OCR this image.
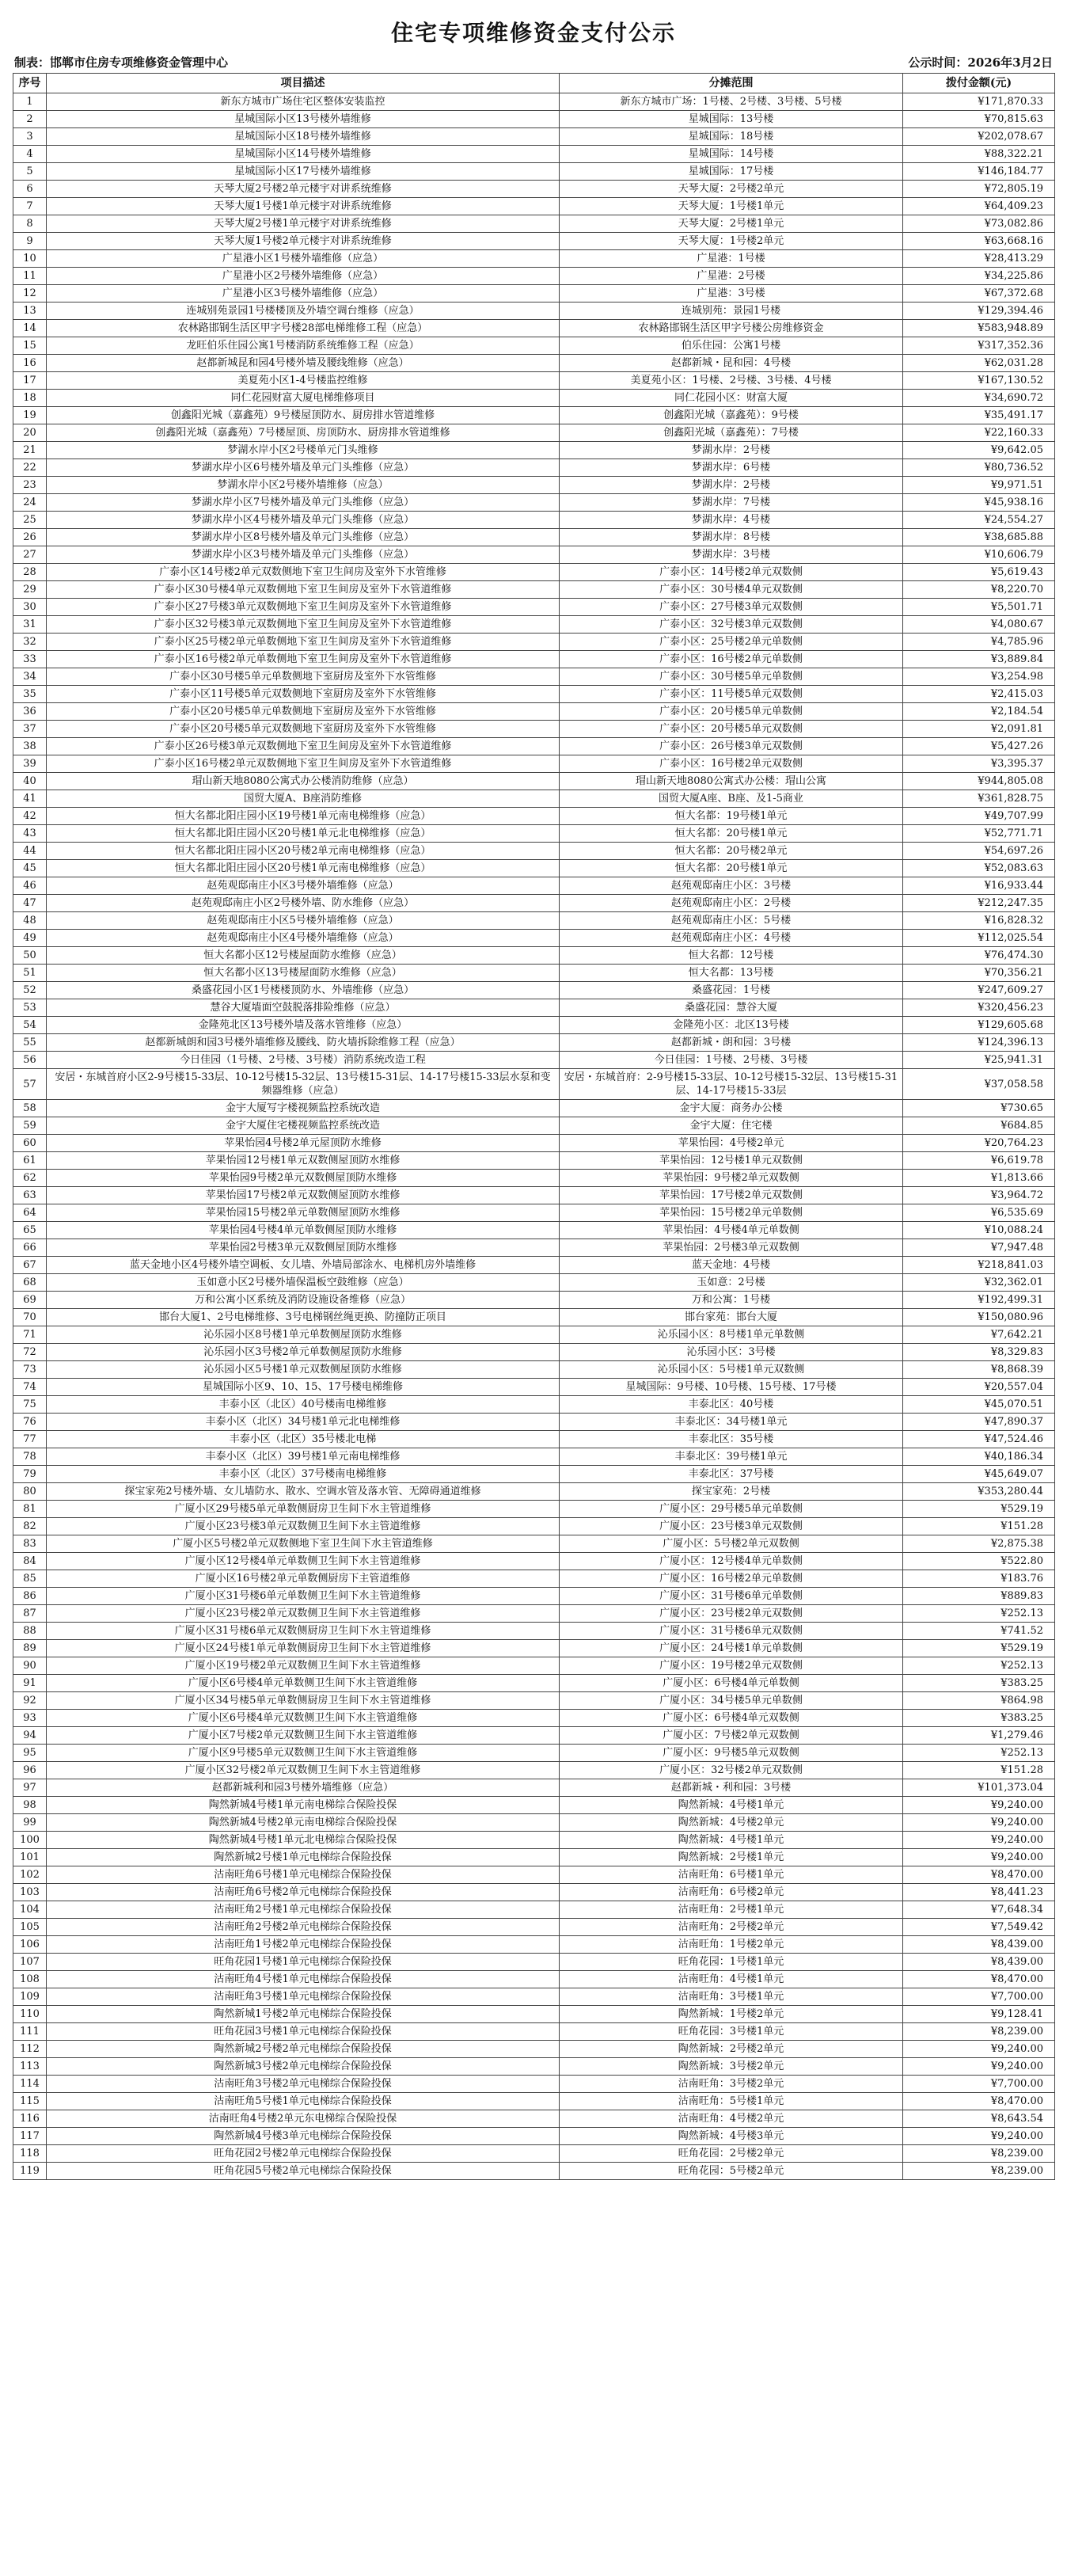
住宅专项维修资金支付公示
制表：邯郸市住房专项维修资金管理中心	公示时间：2026年3月2日
序号	项目描述	分摊范围	拨付金额(元)
1	新东方城市广场住宅区整体安装监控	新东方城市广场：1号楼、2号楼、3号楼、5号楼	¥171,870.33
2	星城国际小区13号楼外墙维修	星城国际：13号楼	¥70,815.63
3	星城国际小区18号楼外墙维修	星城国际：18号楼	¥202,078.67
4	星城国际小区14号楼外墙维修	星城国际：14号楼	¥88,322.21
5	星城国际小区17号楼外墙维修	星城国际：17号楼	¥146,184.77
6	天琴大厦2号楼2单元楼宇对讲系统维修	天琴大厦：2号楼2单元	¥72,805.19
7	天琴大厦1号楼1单元楼宇对讲系统维修	天琴大厦：1号楼1单元	¥64,409.23
8	天琴大厦2号楼1单元楼宇对讲系统维修	天琴大厦：2号楼1单元	¥73,082.86
9	天琴大厦1号楼2单元楼宇对讲系统维修	天琴大厦：1号楼2单元	¥63,668.16
10	广星港小区1号楼外墙维修（应急）	广星港：1号楼	¥28,413.29
11	广星港小区2号楼外墙维修（应急）	广星港：2号楼	¥34,225.86
12	广星港小区3号楼外墙维修（应急）	广星港：3号楼	¥67,372.68
13	连城别苑景园1号楼楼顶及外墙空调台维修（应急）	连城别苑：景园1号楼	¥129,394.46
14	农林路邯钢生活区甲字号楼28部电梯维修工程（应急）	农林路邯钢生活区甲字号楼公房维修资金	¥583,948.89
15	龙旺伯乐住园公寓1号楼消防系统维修工程（应急）	伯乐住园：公寓1号楼	¥317,352.36
16	赵都新城昆和园4号楼外墙及腰线维修（应急）	赵都新城・昆和园：4号楼	¥62,031.28
17	美夏苑小区1-4号楼监控维修	美夏苑小区：1号楼、2号楼、3号楼、4号楼	¥167,130.52
18	同仁花园财富大厦电梯维修项目	同仁花园小区：财富大厦	¥34,690.72
19	创鑫阳光城（嘉鑫苑）9号楼屋顶防水、厨房排水管道维修	创鑫阳光城（嘉鑫苑）：9号楼	¥35,491.17
20	创鑫阳光城（嘉鑫苑）7号楼屋顶、房顶防水、厨房排水管道维修	创鑫阳光城（嘉鑫苑）：7号楼	¥22,160.33
21	梦湖水岸小区2号楼单元门头维修	梦湖水岸：2号楼	¥9,642.05
22	梦湖水岸小区6号楼外墙及单元门头维修（应急）	梦湖水岸：6号楼	¥80,736.52
23	梦湖水岸小区2号楼外墙维修（应急）	梦湖水岸：2号楼	¥9,971.51
24	梦湖水岸小区7号楼外墙及单元门头维修（应急）	梦湖水岸：7号楼	¥45,938.16
25	梦湖水岸小区4号楼外墙及单元门头维修（应急）	梦湖水岸：4号楼	¥24,554.27
26	梦湖水岸小区8号楼外墙及单元门头维修（应急）	梦湖水岸：8号楼	¥38,685.88
27	梦湖水岸小区3号楼外墙及单元门头维修（应急）	梦湖水岸：3号楼	¥10,606.79
28	广泰小区14号楼2单元双数侧地下室卫生间房及室外下水管维修	广泰小区：14号楼2单元双数侧	¥5,619.43
29	广泰小区30号楼4单元双数侧地下室卫生间房及室外下水管道维修	广泰小区：30号楼4单元双数侧	¥8,220.70
30	广泰小区27号楼3单元双数侧地下室卫生间房及室外下水管道维修	广泰小区：27号楼3单元双数侧	¥5,501.71
31	广泰小区32号楼3单元双数侧地下室卫生间房及室外下水管道维修	广泰小区：32号楼3单元双数侧	¥4,080.67
32	广泰小区25号楼2单元单数侧地下室卫生间房及室外下水管道维修	广泰小区：25号楼2单元单数侧	¥4,785.96
33	广泰小区16号楼2单元单数侧地下室卫生间房及室外下水管道维修	广泰小区：16号楼2单元单数侧	¥3,889.84
34	广泰小区30号楼5单元单数侧地下室厨房及室外下水管维修	广泰小区：30号楼5单元单数侧	¥3,254.98
35	广泰小区11号楼5单元双数侧地下室厨房及室外下水管维修	广泰小区：11号楼5单元双数侧	¥2,415.03
36	广泰小区20号楼5单元单数侧地下室厨房及室外下水管维修	广泰小区：20号楼5单元单数侧	¥2,184.54
37	广泰小区20号楼5单元双数侧地下室厨房及室外下水管维修	广泰小区：20号楼5单元双数侧	¥2,091.81
38	广泰小区26号楼3单元双数侧地下室卫生间房及室外下水管道维修	广泰小区：26号楼3单元双数侧	¥5,427.26
39	广泰小区16号楼2单元双数侧地下室卫生间房及室外下水管道维修	广泰小区：16号楼2单元双数侧	¥3,395.37
40	瑁山新天地8080公寓式办公楼消防维修（应急）	瑁山新天地8080公寓式办公楼：瑁山公寓	¥944,805.08
41	国贸大厦A、B座消防维修	国贸大厦A座、B座、及1-5商业	¥361,828.75
42	恒大名都北阳庄园小区19号楼1单元南电梯维修（应急）	恒大名都：19号楼1单元	¥49,707.99
43	恒大名都北阳庄园小区20号楼1单元北电梯维修（应急）	恒大名都：20号楼1单元	¥52,771.71
44	恒大名都北阳庄园小区20号楼2单元南电梯维修（应急）	恒大名都：20号楼2单元	¥54,697.26
45	恒大名都北阳庄园小区20号楼1单元南电梯维修（应急）	恒大名都：20号楼1单元	¥52,083.63
46	赵苑观邸南庄小区3号楼外墙维修（应急）	赵苑观邸南庄小区：3号楼	¥16,933.44
47	赵苑观邸南庄小区2号楼外墙、防水维修（应急）	赵苑观邸南庄小区：2号楼	¥212,247.35
48	赵苑观邸南庄小区5号楼外墙维修（应急）	赵苑观邸南庄小区：5号楼	¥16,828.32
49	赵苑观邸南庄小区4号楼外墙维修（应急）	赵苑观邸南庄小区：4号楼	¥112,025.54
50	恒大名都小区12号楼屋面防水维修（应急）	恒大名都：12号楼	¥76,474.30
51	恒大名都小区13号楼屋面防水维修（应急）	恒大名都：13号楼	¥70,356.21
52	桑盛花园小区1号楼楼顶防水、外墙维修（应急）	桑盛花园：1号楼	¥247,609.27
53	慧谷大厦墙面空鼓脱落排险维修（应急）	桑盛花园：慧谷大厦	¥320,456.23
54	金隆苑北区13号楼外墙及落水管维修（应急）	金隆苑小区：北区13号楼	¥129,605.68
55	赵都新城朗和园3号楼外墙维修及腰线、防火墙拆除维修工程（应急）	赵都新城・朗和园：3号楼	¥124,396.13
56	今日佳园（1号楼、2号楼、3号楼）消防系统改造工程	今日佳园：1号楼、2号楼、3号楼	¥25,941.31
57	安居・东城首府小区2-9号楼15-33层、10-12号楼15-32层、13号楼15-31层、14-17号楼15-33层水泵和变频器维修（应急）	安居・东城首府：2-9号楼15-33层、10-12号楼15-32层、13号楼15-31层、14-17号楼15-33层	¥37,058.58
58	金宇大厦写字楼视频监控系统改造	金宇大厦：商务办公楼	¥730.65
59	金宇大厦住宅楼视频监控系统改造	金宇大厦：住宅楼	¥684.85
60	苹果怡园4号楼2单元屋顶防水维修	苹果怡园：4号楼2单元	¥20,764.23
61	苹果怡园12号楼1单元双数侧屋顶防水维修	苹果怡园：12号楼1单元双数侧	¥6,619.78
62	苹果怡园9号楼2单元双数侧屋顶防水维修	苹果怡园：9号楼2单元双数侧	¥1,813.66
63	苹果怡园17号楼2单元双数侧屋顶防水维修	苹果怡园：17号楼2单元双数侧	¥3,964.72
64	苹果怡园15号楼2单元单数侧屋顶防水维修	苹果怡园：15号楼2单元单数侧	¥6,535.69
65	苹果怡园4号楼4单元单数侧屋顶防水维修	苹果怡园：4号楼4单元单数侧	¥10,088.24
66	苹果怡园2号楼3单元双数侧屋顶防水维修	苹果怡园：2号楼3单元双数侧	¥7,947.48
67	蓝天金地小区4号楼外墙空调板、女儿墙、外墙局部涂水、电梯机房外墙维修	蓝天金地：4号楼	¥218,841.03
68	玉如意小区2号楼外墙保温板空鼓维修（应急）	玉如意：2号楼	¥32,362.01
69	万和公寓小区系统及消防设施设备维修（应急）	万和公寓：1号楼	¥192,499.31
70	邯台大厦1、2号电梯维修、3号电梯钢丝绳更换、防撞防正项目	邯台家苑：邯台大厦	¥150,080.96
71	沁乐园小区8号楼1单元单数侧屋顶防水维修	沁乐园小区：8号楼1单元单数侧	¥7,642.21
72	沁乐园小区3号楼2单元单数侧屋顶防水维修	沁乐园小区：3号楼	¥8,329.83
73	沁乐园小区5号楼1单元双数侧屋顶防水维修	沁乐园小区：5号楼1单元双数侧	¥8,868.39
74	星城国际小区9、10、15、17号楼电梯维修	星城国际：9号楼、10号楼、15号楼、17号楼	¥20,557.04
75	丰泰小区（北区）40号楼南电梯维修	丰泰北区：40号楼	¥45,070.51
76	丰泰小区（北区）34号楼1单元北电梯维修	丰泰北区：34号楼1单元	¥47,890.37
77	丰泰小区（北区）35号楼北电梯	丰泰北区：35号楼	¥47,524.46
78	丰泰小区（北区）39号楼1单元南电梯维修	丰泰北区：39号楼1单元	¥40,186.34
79	丰泰小区（北区）37号楼南电梯维修	丰泰北区：37号楼	¥45,649.07
80	探宝家苑2号楼外墙、女儿墙防水、散水、空调水管及落水管、无障碍通道维修	探宝家苑：2号楼	¥353,280.44
81	广厦小区29号楼5单元单数侧厨房卫生间下水主管道维修	广厦小区：29号楼5单元单数侧	¥529.19
82	广厦小区23号楼3单元双数侧卫生间下水主管道维修	广厦小区：23号楼3单元双数侧	¥151.28
83	广厦小区5号楼2单元双数侧地下室卫生间下水主管道维修	广厦小区：5号楼2单元双数侧	¥2,875.38
84	广厦小区12号楼4单元单数侧卫生间下水主管道维修	广厦小区：12号楼4单元单数侧	¥522.80
85	广厦小区16号楼2单元单数侧厨房下主管道维修	广厦小区：16号楼2单元单数侧	¥183.76
86	广厦小区31号楼6单元单数侧卫生间下水主管道维修	广厦小区：31号楼6单元单数侧	¥889.83
87	广厦小区23号楼2单元双数侧卫生间下水主管道维修	广厦小区：23号楼2单元双数侧	¥252.13
88	广厦小区31号楼6单元双数侧厨房卫生间下水主管道维修	广厦小区：31号楼6单元双数侧	¥741.52
89	广厦小区24号楼1单元单数侧厨房卫生间下水主管道维修	广厦小区：24号楼1单元单数侧	¥529.19
90	广厦小区19号楼2单元双数侧卫生间下水主管道维修	广厦小区：19号楼2单元双数侧	¥252.13
91	广厦小区6号楼4单元单数侧卫生间下水主管道维修	广厦小区：6号楼4单元单数侧	¥383.25
92	广厦小区34号楼5单元单数侧厨房卫生间下水主管道维修	广厦小区：34号楼5单元单数侧	¥864.98
93	广厦小区6号楼4单元双数侧卫生间下水主管道维修	广厦小区：6号楼4单元双数侧	¥383.25
94	广厦小区7号楼2单元双数侧卫生间下水主管道维修	广厦小区：7号楼2单元双数侧	¥1,279.46
95	广厦小区9号楼5单元双数侧卫生间下水主管道维修	广厦小区：9号楼5单元双数侧	¥252.13
96	广厦小区32号楼2单元双数侧卫生间下水主管道维修	广厦小区：32号楼2单元双数侧	¥151.28
97	赵都新城利和园3号楼外墙维修（应急）	赵都新城・利和园：3号楼	¥101,373.04
98	陶然新城4号楼1单元南电梯综合保险投保	陶然新城：4号楼1单元	¥9,240.00
99	陶然新城4号楼2单元南电梯综合保险投保	陶然新城：4号楼2单元	¥9,240.00
100	陶然新城4号楼1单元北电梯综合保险投保	陶然新城：4号楼1单元	¥9,240.00
101	陶然新城2号楼1单元电梯综合保险投保	陶然新城：2号楼1单元	¥9,240.00
102	沽南旺角6号楼1单元电梯综合保险投保	沽南旺角：6号楼1单元	¥8,470.00
103	沽南旺角6号楼2单元电梯综合保险投保	沽南旺角：6号楼2单元	¥8,441.23
104	沽南旺角2号楼1单元电梯综合保险投保	沽南旺角：2号楼1单元	¥7,648.34
105	沽南旺角2号楼2单元电梯综合保险投保	沽南旺角：2号楼2单元	¥7,549.42
106	沽南旺角1号楼2单元电梯综合保险投保	沽南旺角：1号楼2单元	¥8,439.00
107	旺角花园1号楼1单元电梯综合保险投保	旺角花园：1号楼1单元	¥8,439.00
108	沽南旺角4号楼1单元电梯综合保险投保	沽南旺角：4号楼1单元	¥8,470.00
109	沽南旺角3号楼1单元电梯综合保险投保	沽南旺角：3号楼1单元	¥7,700.00
110	陶然新城1号楼2单元电梯综合保险投保	陶然新城：1号楼2单元	¥9,128.41
111	旺角花园3号楼1单元电梯综合保险投保	旺角花园：3号楼1单元	¥8,239.00
112	陶然新城2号楼2单元电梯综合保险投保	陶然新城：2号楼2单元	¥9,240.00
113	陶然新城3号楼2单元电梯综合保险投保	陶然新城：3号楼2单元	¥9,240.00
114	沽南旺角3号楼2单元电梯综合保险投保	沽南旺角：3号楼2单元	¥7,700.00
115	沽南旺角5号楼1单元电梯综合保险投保	沽南旺角：5号楼1单元	¥8,470.00
116	沽南旺角4号楼2单元东电梯综合保险投保	沽南旺角：4号楼2单元	¥8,643.54
117	陶然新城4号楼3单元电梯综合保险投保	陶然新城：4号楼3单元	¥9,240.00
118	旺角花园2号楼2单元电梯综合保险投保	旺角花园：2号楼2单元	¥8,239.00
119	旺角花园5号楼2单元电梯综合保险投保	旺角花园：5号楼2单元	¥8,239.00
